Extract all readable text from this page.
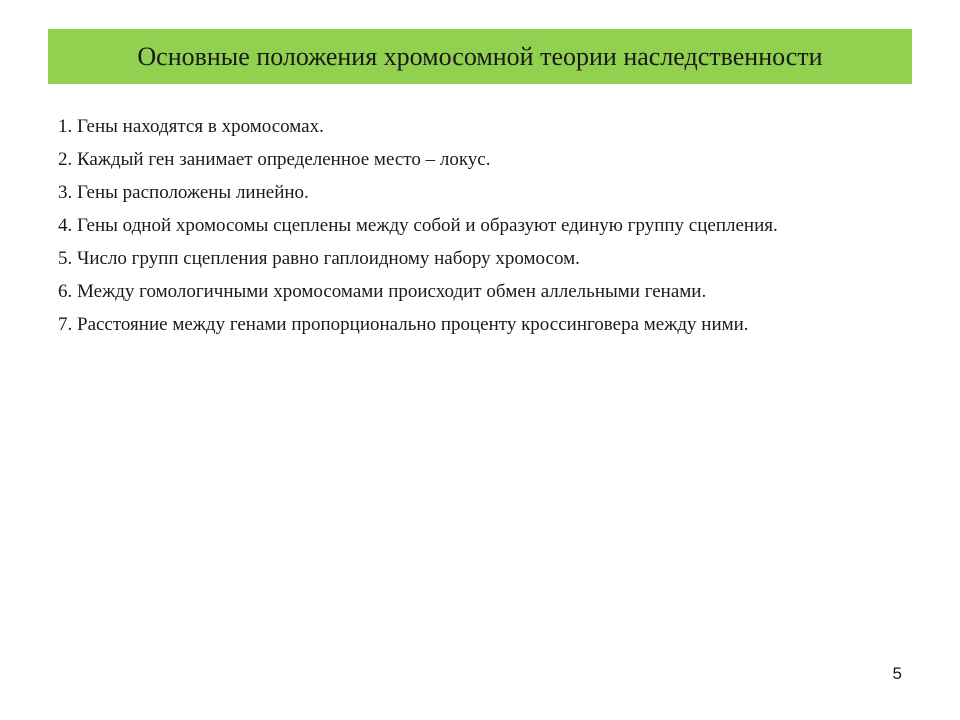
Основные положения хромосомной теории наследственности
1. Гены находятся в хромосомах.
2. Каждый ген занимает определенное место – локус.
3. Гены расположены линейно.
4. Гены одной хромосомы сцеплены между собой и образуют единую группу сцепления.
5. Число групп сцепления равно гаплоидному набору хромосом.
6. Между гомологичными хромосомами происходит обмен аллельными генами.
7. Расстояние между генами пропорционально проценту кроссинговера между ними.
5
